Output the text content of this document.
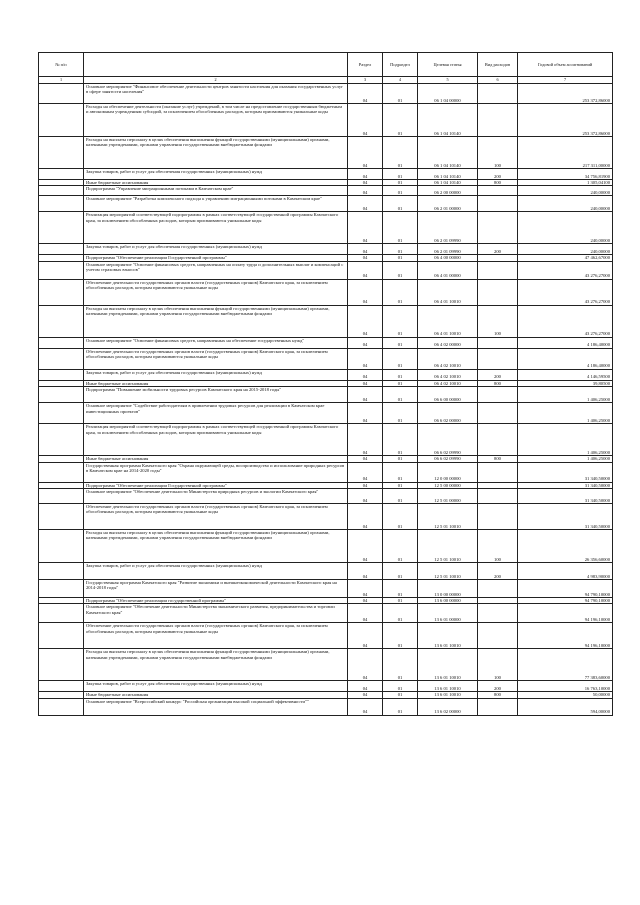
№ п/п		Раздел	Подраздел	Целевая статья	Вид расходов	Годовой объем ассигнований
1	2	3	4	5	6	7
	Основное мероприятие "Финансовое обеспечение деятельности центров занятости населения для оказания государственных услуг в сфере занятости населения"	04	01	06 1 04 00000		253 372,86000
	Расходы на обеспечение деятельности (оказание услуг) учреждений, в том числе на предоставление государственным бюджетным и автономным учреждениям субсидий, за исключением обособленных расходов, которым присваиваются уникальные коды	04	01	06 1 04 10140		253 372,86000
	Расходы на выплаты персоналу в целях обеспечения выполнения функций государственными (муниципальными) органами, казенными учреждениями, органами управления государственными внебюджетными фондами	04	01	06 1 04 10140	100	217 311,00000
	Закупка товаров, работ и услуг для обеспечения государственных (муниципальных) нужд	04	01	06 1 04 10140	200	34 756,81900
	Иные бюджетные ассигнования	04	01	06 1 04 10140	800	1 305,04100
	Подпрограмма "Управление миграционными потоками в Камчатском крае"	04	01	06 2 00 00000		240,00000
	Основное мероприятие "Разработка комплексного подхода к управлению миграционными потоками в Камчатском крае"	04	01	06 2 01 00000		240,00000
	Реализация мероприятий соответствующей подпрограммы в рамках соответствующей государственной программы Камчатского края, за исключением обособленных расходов, которым присваиваются уникальные коды	04	01	06 2 01 09990		240,00000
	Закупка товаров, работ и услуг для обеспечения государственных (муниципальных) нужд	04	01	06 2 01 09990	200	240,00000
	Подпрограмма "Обеспечение реализации Государственной программы"	04	01	06 4 00 00000		47 462,67000
	Основное мероприятие "Освоение финансовых средств, направленных на оплату труда и дополнительных выплат и компенсаций с учетом страховых взносов"	04	01	06 4 01 00000		43 276,27000
	Обеспечение деятельности государственных органов власти (государственных органов) Камчатского края, за исключением обособленных расходов, которым присваиваются уникальные коды	04	01	06 4 01 10010		43 276,27000
	Расходы на выплаты персоналу в целях обеспечения выполнения функций государственными (муниципальными) органами, казенными учреждениями, органами управления государственными внебюджетными фондами	04	01	06 4 01 10010	100	43 276,27000
	Основное мероприятие "Освоение финансовых средств, направленных на обеспечение государственных нужд"	04	01	06 4 02 00000		4 186,40000
	Обеспечение деятельности государственных органов власти (государственных органов) Камчатского края, за исключением обособленных расходов, которым присваиваются уникальные коды	04	01	06 4 02 10010		4 186,40000
	Закупка товаров, работ и услуг для обеспечения государственных (муниципальных) нужд	04	01	06 4 02 10010	200	4 146,59500
	Иные бюджетные ассигнования	04	01	06 4 02 10010	800	39,80500
	Подпрограмма "Повышение мобильности трудовых ресурсов Камчатского края на 2015-2018 годы"	04	01	06 6 00 00000		1 406,25000
	Основное мероприятие "Содействие работодателям в привлечении трудовых ресурсов для реализации в Камчатском крае инвестиционных проектов"	04	01	06 6 02 00000		1 406,25000
	Реализация мероприятий соответствующей подпрограммы в рамках соответствующей государственной программы Камчатского края, за исключением обособленных расходов, которым присваиваются уникальные коды	04	01	06 6 02 09990		1 406,25000
	Иные бюджетные ассигнования	04	01	06 6 02 09990	800	1 406,25000
	Государственная программа Камчатского края "Охрана окружающей среды, воспроизводство и использование природных ресурсов в Камчатском крае на 2014-2020 годы"	04	01	12 0 00 00000		31 340,50000
	Подпрограмма "Обеспечение реализации Государственной программы"	04	01	12 5 00 00000		31 340,50000
	Основное мероприятие "Обеспечение деятельности Министерства природных ресурсов и экологии Камчатского края"	04	01	12 5 01 00000		31 340,50000
	Обеспечение деятельности государственных органов власти (государственных органов) Камчатского края, за исключением обособленных расходов, которым присваиваются уникальные коды	04	01	12 5 01 10010		31 340,50000
	Расходы на выплаты персоналу в целях обеспечения выполнения функций государственными (муниципальными) органами, казенными учреждениями, органами управления государственными внебюджетными фондами	04	01	12 5 01 10010	100	26 356,60000
	Закупка товаров, работ и услуг для обеспечения государственных (муниципальных) нужд	04	01	12 5 01 10010	200	4 983,90000
	Государственная программа Камчатского края "Развитие экономики и внешнеэкономической деятельности Камчатского края на 2014-2018 годы"	04	01	13 0 00 00000		94 790,10000
	Подпрограмма "Обеспечение реализации государственной программы"	04	01	13 6 00 00000		94 790,10000
	Основное мероприятие "Обеспечение деятельности Министерства экономического развития, предпринимательства и торговли Камчатского края"	04	01	13 6 01 00000		94 196,10000
	Обеспечение деятельности государственных органов власти (государственных органов) Камчатского края, за исключением обособленных расходов, которым присваиваются уникальные коды	04	01	13 6 01 10010		94 196,10000
	Расходы на выплаты персоналу в целях обеспечения выполнения функций государственными (муниципальными) органами, казенными учреждениями, органами управления государственными внебюджетными фондами	04	01	13 6 01 10010	100	77 383,60000
	Закупка товаров, работ и услуг для обеспечения государственных (муниципальных) нужд	04	01	13 6 01 10010	200	16 763,10000
	Иные бюджетные ассигнования	04	01	13 6 01 10010	800	50,00000
	Основное мероприятие "Всероссийский конкурс "Российская организация высокой социальной эффективности""	04	01	13 6 02 00000		594,00000
